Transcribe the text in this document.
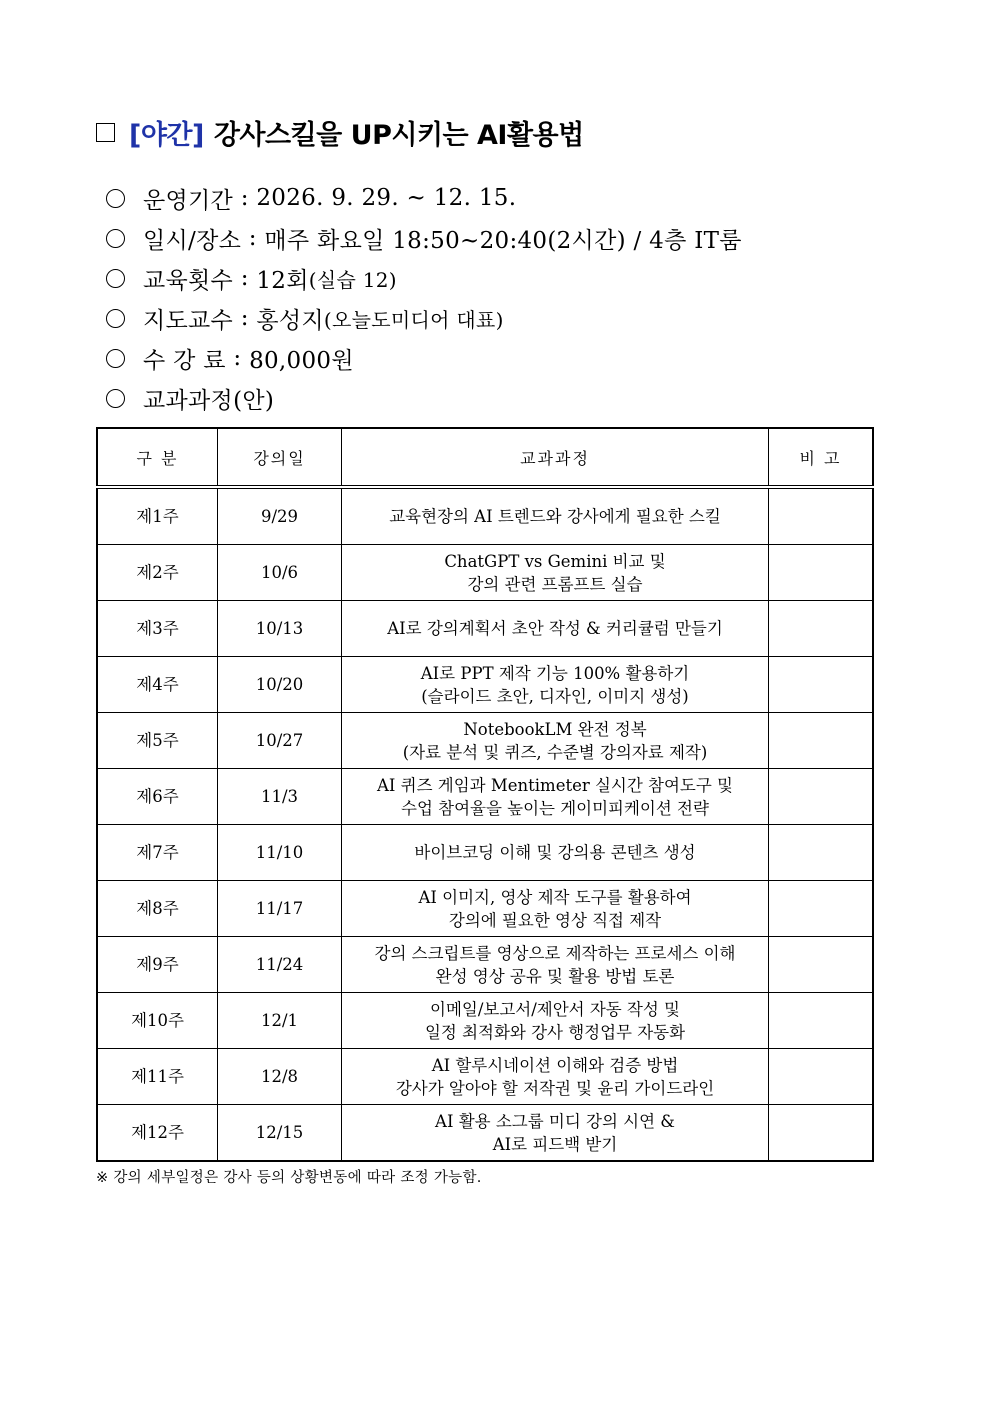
[야간] 강사스킬을 UP시키는 AI활용법
운영기간 : 2026. 9. 29. ~ 12. 15.
일시/장소 : 매주 화요일 18:50~20:40(2시간) / 4층 IT룸
교육횟수 : 12회 (실습 12)
지도교수 : 홍성지 (오늘도미디어 대표)
수 강 료 : 80,000원
교과과정(안)
구 분	강의일	교과과정	비 고
제1주	9/29	교육현장의 AI 트렌드와 강사에게 필요한 스킬	

제2주	10/6	ChatGPT vs Gemini 비교 및
강의 관련 프롬프트 실습	

제3주	10/13	AI로 강의계획서 초안 작성 & 커리큘럼 만들기	

제4주	10/20	AI로 PPT 제작 기능 100% 활용하기
(슬라이드 초안, 디자인, 이미지 생성)	

제5주	10/27	NotebookLM 완전 정복
(자료 분석 및 퀴즈, 수준별 강의자료 제작)	

제6주	11/3	AI 퀴즈 게임과 Mentimeter 실시간 참여도구 및
수업 참여율을 높이는 게이미피케이션 전략	

제7주	11/10	바이브코딩 이해 및 강의용 콘텐츠 생성	

제8주	11/17	AI 이미지, 영상 제작 도구를 활용하여
강의에 필요한 영상 직접 제작	

제9주	11/24	강의 스크립트를 영상으로 제작하는 프로세스 이해
완성 영상 공유 및 활용 방법 토론	

제10주	12/1	이메일/보고서/제안서 자동 작성 및
일정 최적화와 강사 행정업무 자동화	

제11주	12/8	AI 할루시네이션 이해와 검증 방법
강사가 알아야 할 저작권 및 윤리 가이드라인	

제12주	12/15	AI 활용 소그룹 미디 강의 시연 &
AI로 피드백 받기	

※ 강의 세부일정은 강사 등의 상황변동에 따라 조정 가능함.
